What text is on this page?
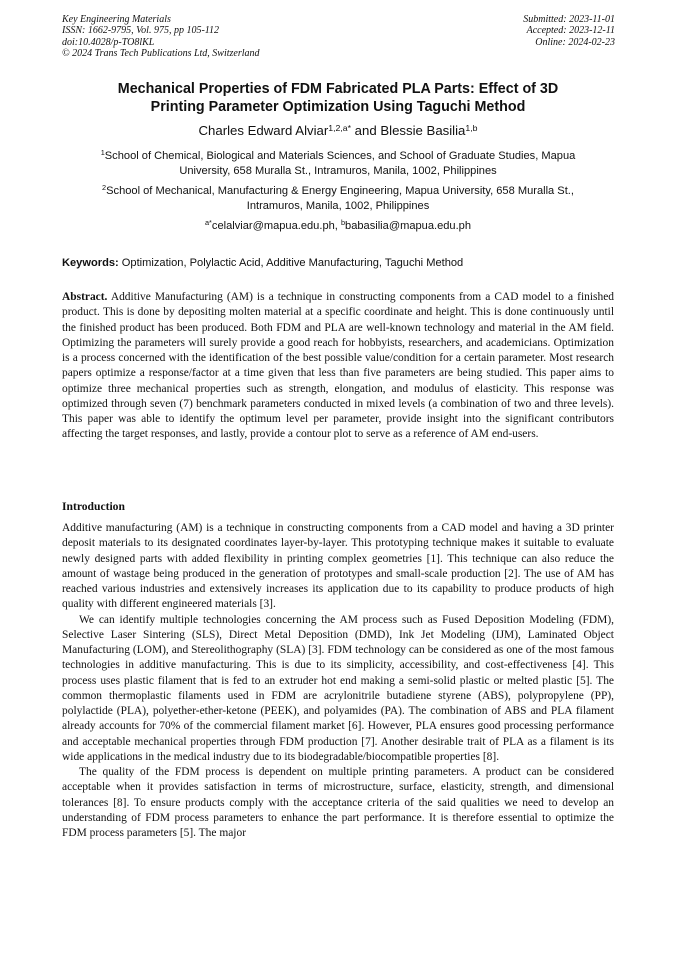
Key Engineering Materials
ISSN: 1662-9795, Vol. 975, pp 105-112
doi:10.4028/p-TO8lKL
© 2024 Trans Tech Publications Ltd, Switzerland
Submitted: 2023-11-01
Accepted: 2023-12-11
Online: 2024-02-23
Mechanical Properties of FDM Fabricated PLA Parts: Effect of 3D
Printing Parameter Optimization Using Taguchi Method
Charles Edward Alviar$^{1,2,a*}$ and Blessie Basilia$^{1,b}$
$^1$School of Chemical, Biological and Materials Sciences, and School of Graduate Studies, Mapua
University, 658 Muralla St., Intramuros, Manila, 1002, Philippines
$^2$School of Mechanical, Manufacturing & Energy Engineering, Mapua University, 658 Muralla St.,
Intramuros, Manila, 1002, Philippines
$^{a*}$celalviar@mapua.edu.ph, $^b$babasilia@mapua.edu.ph
Keywords: Optimization, Polylactic Acid, Additive Manufacturing, Taguchi Method

Abstract. Additive Manufacturing (AM) is a technique in constructing components from a CAD model to a finished product. This is done by depositing molten material at a specific coordinate and height. This is done continuously until the finished product has been produced. Both FDM and PLA are well-known technology and material in the AM field. Optimizing the parameters will surely provide a good reach for hobbyists, researchers, and academicians. Optimization is a process concerned with the identification of the best possible value/condition for a certain parameter. Most research papers optimize a response/factor at a time given that less than five parameters are being studied. This paper aims to optimize three mechanical properties such as strength, elongation, and modulus of elasticity. This response was optimized through seven (7) benchmark parameters conducted in mixed levels (a combination of two and three levels). This paper was able to identify the optimum level per parameter, provide insight into the significant contributors affecting the target responses, and lastly, provide a contour plot to serve as a reference of AM end-users.

Introduction

Additive manufacturing (AM) is a technique in constructing components from a CAD model and having a 3D printer deposit materials to its designated coordinates layer-by-layer. This prototyping technique makes it suitable to evaluate newly designed parts with added flexibility in printing complex geometries [1]. This technique can also reduce the amount of wastage being produced in the generation of prototypes and small-scale production [2]. The use of AM has reached various industries and extensively increases its application due to its capability to produce products of high quality with different engineered materials [3].

We can identify multiple technologies concerning the AM process such as Fused Deposition Modeling (FDM), Selective Laser Sintering (SLS), Direct Metal Deposition (DMD), Ink Jet Modeling (IJM), Laminated Object Manufacturing (LOM), and Stereolithography (SLA) [3]. FDM technology can be considered as one of the most famous technologies in additive manufacturing. This is due to its simplicity, accessibility, and cost-effectiveness [4]. This process uses plastic filament that is fed to an extruder hot end making a semi-solid plastic or melted plastic [5]. The common thermoplastic filaments used in FDM are acrylonitrile butadiene styrene (ABS), polypropylene (PP), polylactide (PLA), polyether-ether-ketone (PEEK), and polyamides (PA). The combination of ABS and PLA filament already accounts for 70% of the commercial filament market [6]. However, PLA ensures good processing performance and acceptable mechanical properties through FDM production [7]. Another desirable trait of PLA as a filament is its wide applications in the medical industry due to its biodegradable/biocompatible properties [8].

The quality of the FDM process is dependent on multiple printing parameters. A product can be considered acceptable when it provides satisfaction in terms of microstructure, surface, elasticity, strength, and dimensional tolerances [8]. To ensure products comply with the acceptance criteria of the said qualities we need to develop an understanding of FDM process parameters to enhance the part performance. It is therefore essential to optimize the FDM process parameters [5]. The major
